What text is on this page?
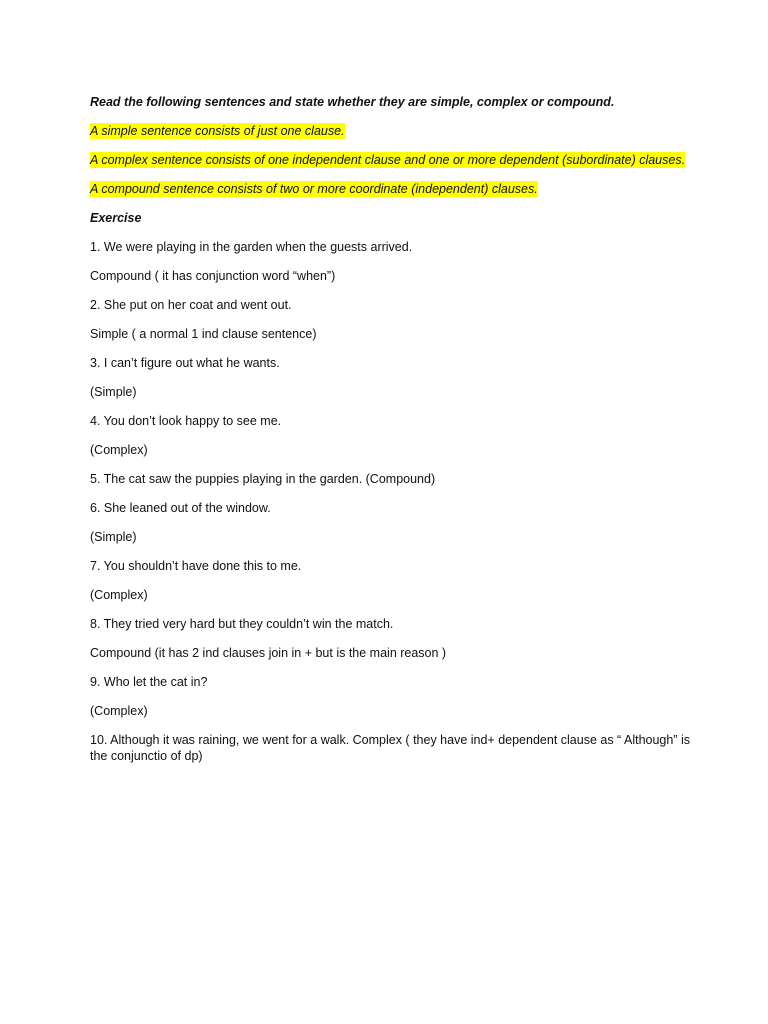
Read the following sentences and state whether they are simple, complex or compound.

A simple sentence consists of just one clause.

A complex sentence consists of one independent clause and one or more dependent (subordinate) clauses.

A compound sentence consists of two or more coordinate (independent) clauses.

Exercise

1. We were playing in the garden when the guests arrived.

Compound ( it has conjunction word “when”)

2. She put on her coat and went out.

Simple ( a normal 1 ind clause sentence)

3. I can’t figure out what he wants.

(Simple)

4. You don’t look happy to see me.

(Complex)

5. The cat saw the puppies playing in the garden. (Compound)

6. She leaned out of the window.

(Simple)

7. You shouldn’t have done this to me.

(Complex)

8. They tried very hard but they couldn’t win the match.

Compound (it has 2 ind clauses join in + but is the main reason )

9. Who let the cat in?

(Complex)

10. Although it was raining, we went for a walk. Complex ( they have ind+ dependent clause as “ Although” is the conjunctio of dp)
